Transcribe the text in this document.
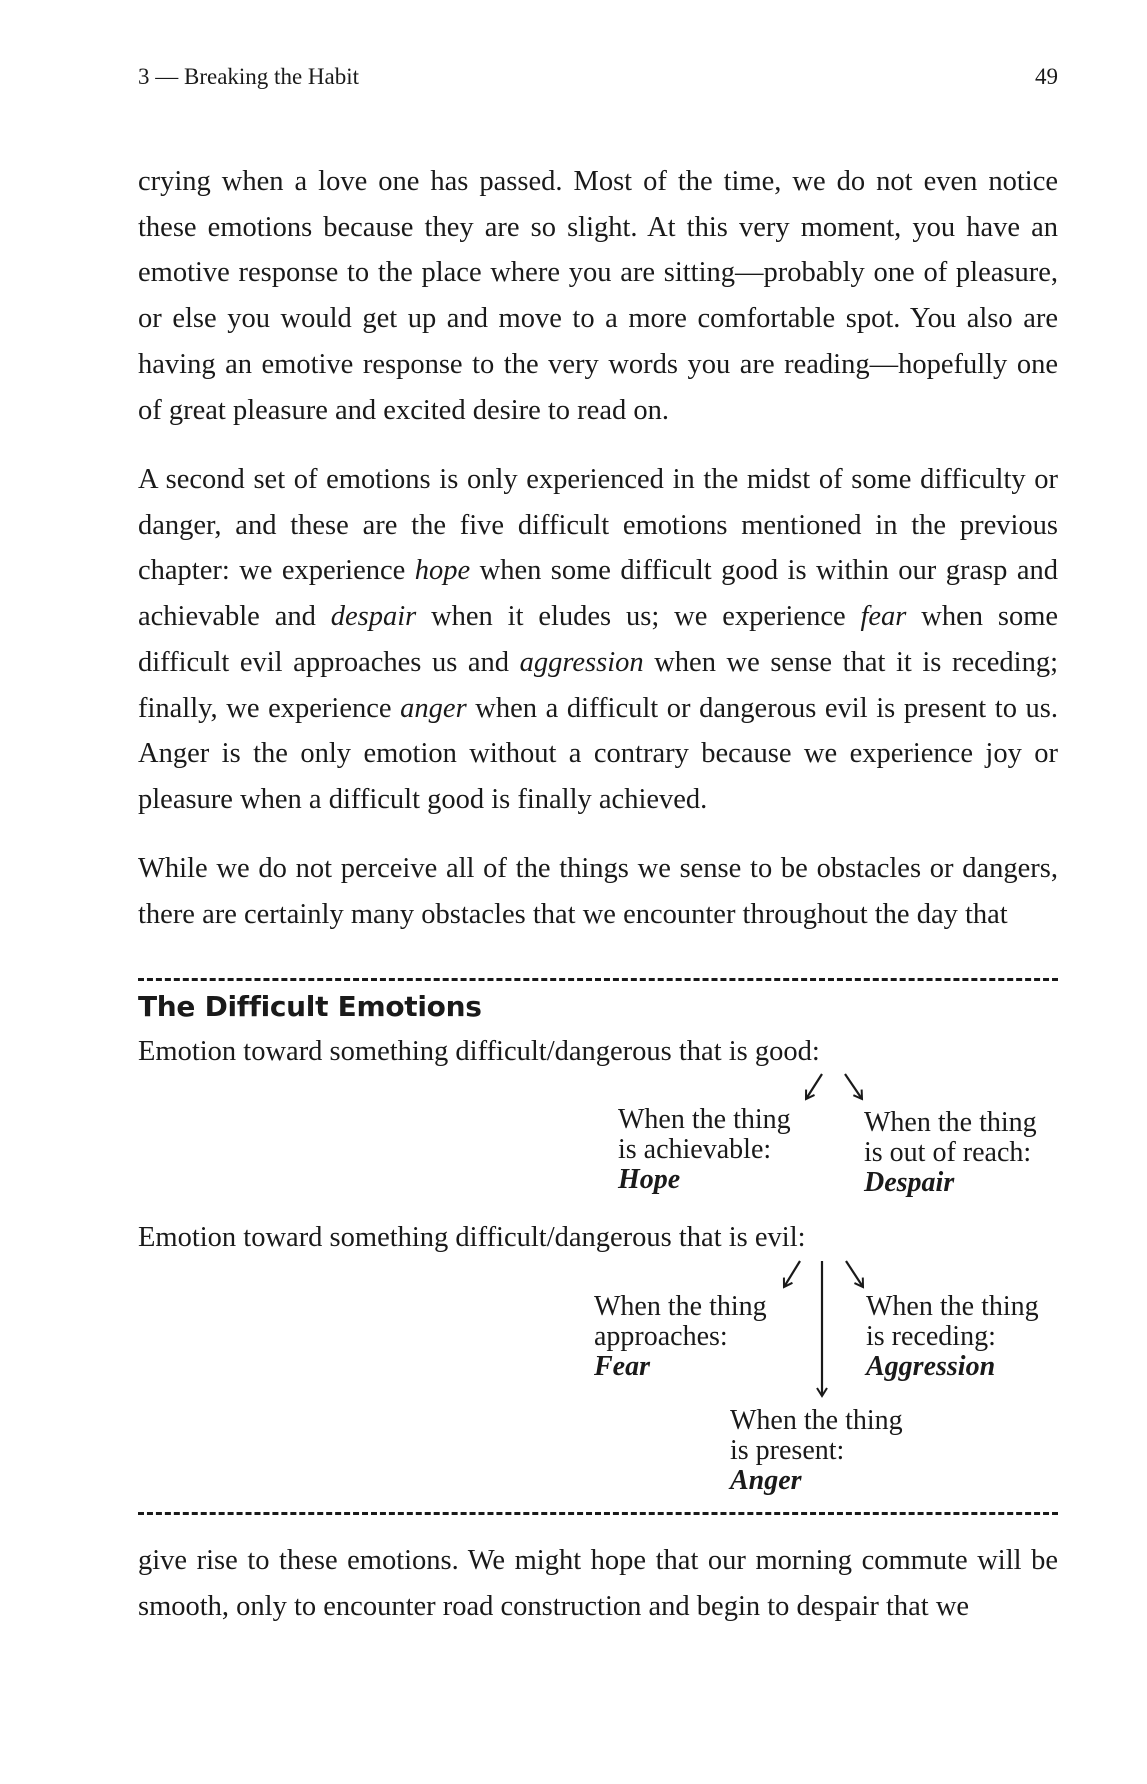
3 — Breaking the Habit	49

crying when a love one has passed. Most of the time, we do not even notice these emotions because they are so slight. At this very moment, you have an emotive response to the place where you are sitting—probably one of pleasure, or else you would get up and move to a more comfortable spot. You also are having an emotive response to the very words you are reading—hopefully one of great pleasure and excited desire to read on.

A second set of emotions is only experienced in the midst of some difficulty or danger, and these are the five difficult emotions mentioned in the previous chapter: we experience hope when some difficult good is within our grasp and achievable and despair when it eludes us; we experience fear when some difficult evil approaches us and aggression when we sense that it is receding; finally, we experience anger when a difficult or dangerous evil is present to us. Anger is the only emotion without a contrary because we experience joy or pleasure when a difficult good is finally achieved.

While we do not perceive all of the things we sense to be obstacles or dangers, there are certainly many obstacles that we encounter throughout the day that

The Difficult Emotions
Emotion toward something difficult/dangerous that is good:
When the thing
is achievable:
Hope
When the thing
is out of reach:
Despair
Emotion toward something difficult/dangerous that is evil:
When the thing
approaches:
Fear
When the thing
is receding:
Aggression
When the thing
is present:
Anger

give rise to these emotions. We might hope that our morning commute will be smooth, only to encounter road construction and begin to despair that we
